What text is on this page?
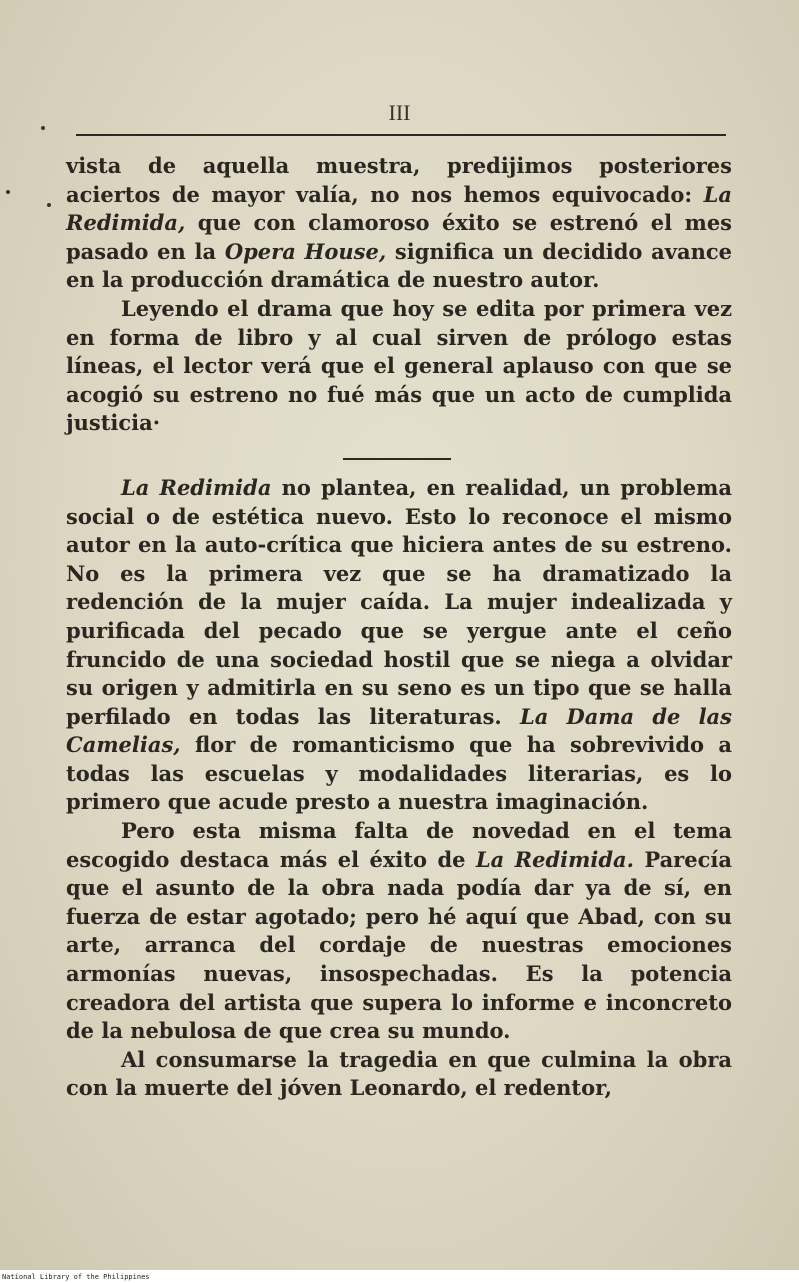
III

vista de aquella muestra, predijimos posteriores aciertos de mayor valía, no nos hemos equivocado: La Redimida, que con clamoroso éxito se estrenó el mes pasado en la Opera House, significa un decidido avance en la producción dramática de nuestro autor.

Leyendo el drama que hoy se edita por primera vez en forma de libro y al cual sirven de prólogo estas líneas, el lector verá que el general aplauso con que se acogió su estreno no fué más que un acto de cumplida justicia·

La Redimida no plantea, en realidad, un problema social o de estética nuevo. Esto lo reconoce el mismo autor en la auto-crítica que hiciera antes de su estreno. No es la primera vez que se ha dramatizado la redención de la mujer caída. La mujer indealizada y purificada del pecado que se yergue ante el ceño fruncido de una sociedad hostil que se niega a olvidar su origen y admitirla en su seno es un tipo que se halla perfilado en todas las literaturas. La Dama de las Camelias, flor de romanticismo que ha sobrevivido a todas las escuelas y modalidades literarias, es lo primero que acude presto a nuestra imaginación.

Pero esta misma falta de novedad en el tema escogido destaca más el éxito de La Redimida. Parecía que el asunto de la obra nada podía dar ya de sí, en fuerza de estar agotado; pero hé aquí que Abad, con su arte, arranca del cordaje de nuestras emociones armonías nuevas, insospechadas. Es la potencia creadora del artista que supera lo informe e inconcreto de la nebulosa de que crea su mundo.

Al consumarse la tragedia en que culmina la obra con la muerte del jóven Leonardo, el redentor,

National Library of the Philippines
